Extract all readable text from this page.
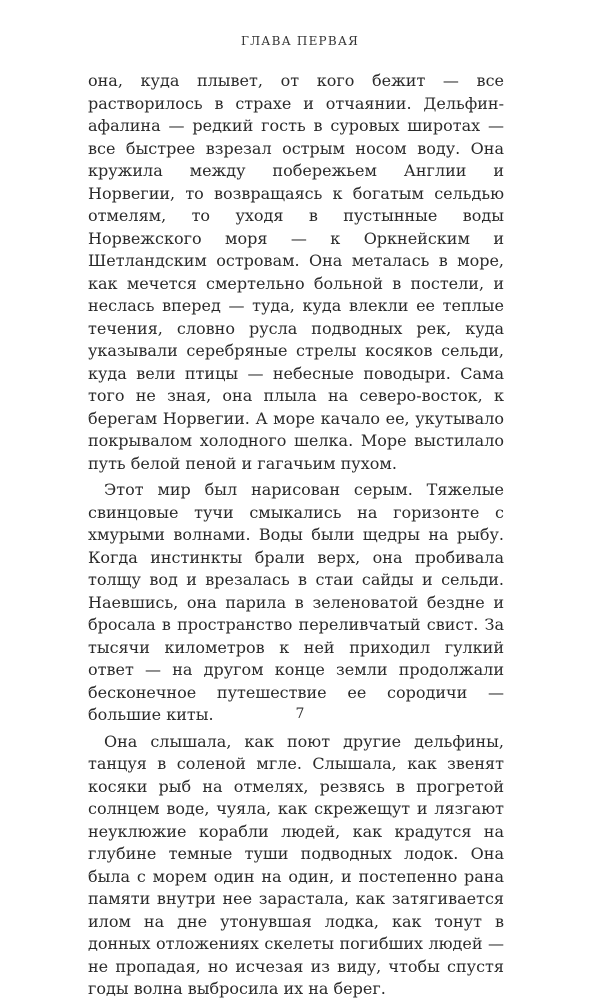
ГЛАВА ПЕРВАЯ

она, куда плывет, от кого бежит — все растворилось в страхе и отчаянии. Дельфин-афалина — редкий гость в суровых широтах — все быстрее взрезал острым носом воду. Она кружила между побережьем Англии и Норвегии, то возвращаясь к богатым сельдью отмелям, то уходя в пустынные воды Норвежского моря — к Оркнейским и Шетландским островам. Она металась в море, как мечется смертельно больной в постели, и неслась вперед — туда, куда влекли ее теплые течения, словно русла подводных рек, куда указывали серебряные стрелы косяков сельди, куда вели птицы — небесные поводыри. Сама того не зная, она плыла на северо-восток, к берегам Норвегии. А море качало ее, укутывало покрывалом холодного шелка. Море выстилало путь белой пеной и гагачьим пухом.

Этот мир был нарисован серым. Тяжелые свинцовые тучи смыкались на горизонте с хмурыми волнами. Воды были щедры на рыбу. Когда инстинкты брали верх, она пробивала толщу вод и врезалась в стаи сайды и сельди. Наевшись, она парила в зеленоватой бездне и бросала в пространство переливчатый свист. За тысячи километров к ней приходил гулкий ответ — на другом конце земли продолжали бесконечное путешествие ее сородичи — большие киты.

Она слышала, как поют другие дельфины, танцуя в соленой мгле. Слышала, как звенят косяки рыб на отмелях, резвясь в прогретой солнцем воде, чуяла, как скрежещут и лязгают неуклюжие корабли людей, как крадутся на глубине темные туши подводных лодок. Она была с морем один на один, и постепенно рана памяти внутри нее зарастала, как затягивается илом на дне утонувшая лодка, как тонут в донных отложениях скелеты погибших людей — не пропадая, но исчезая из виду, чтобы спустя годы волна выбросила их на берег.

7
